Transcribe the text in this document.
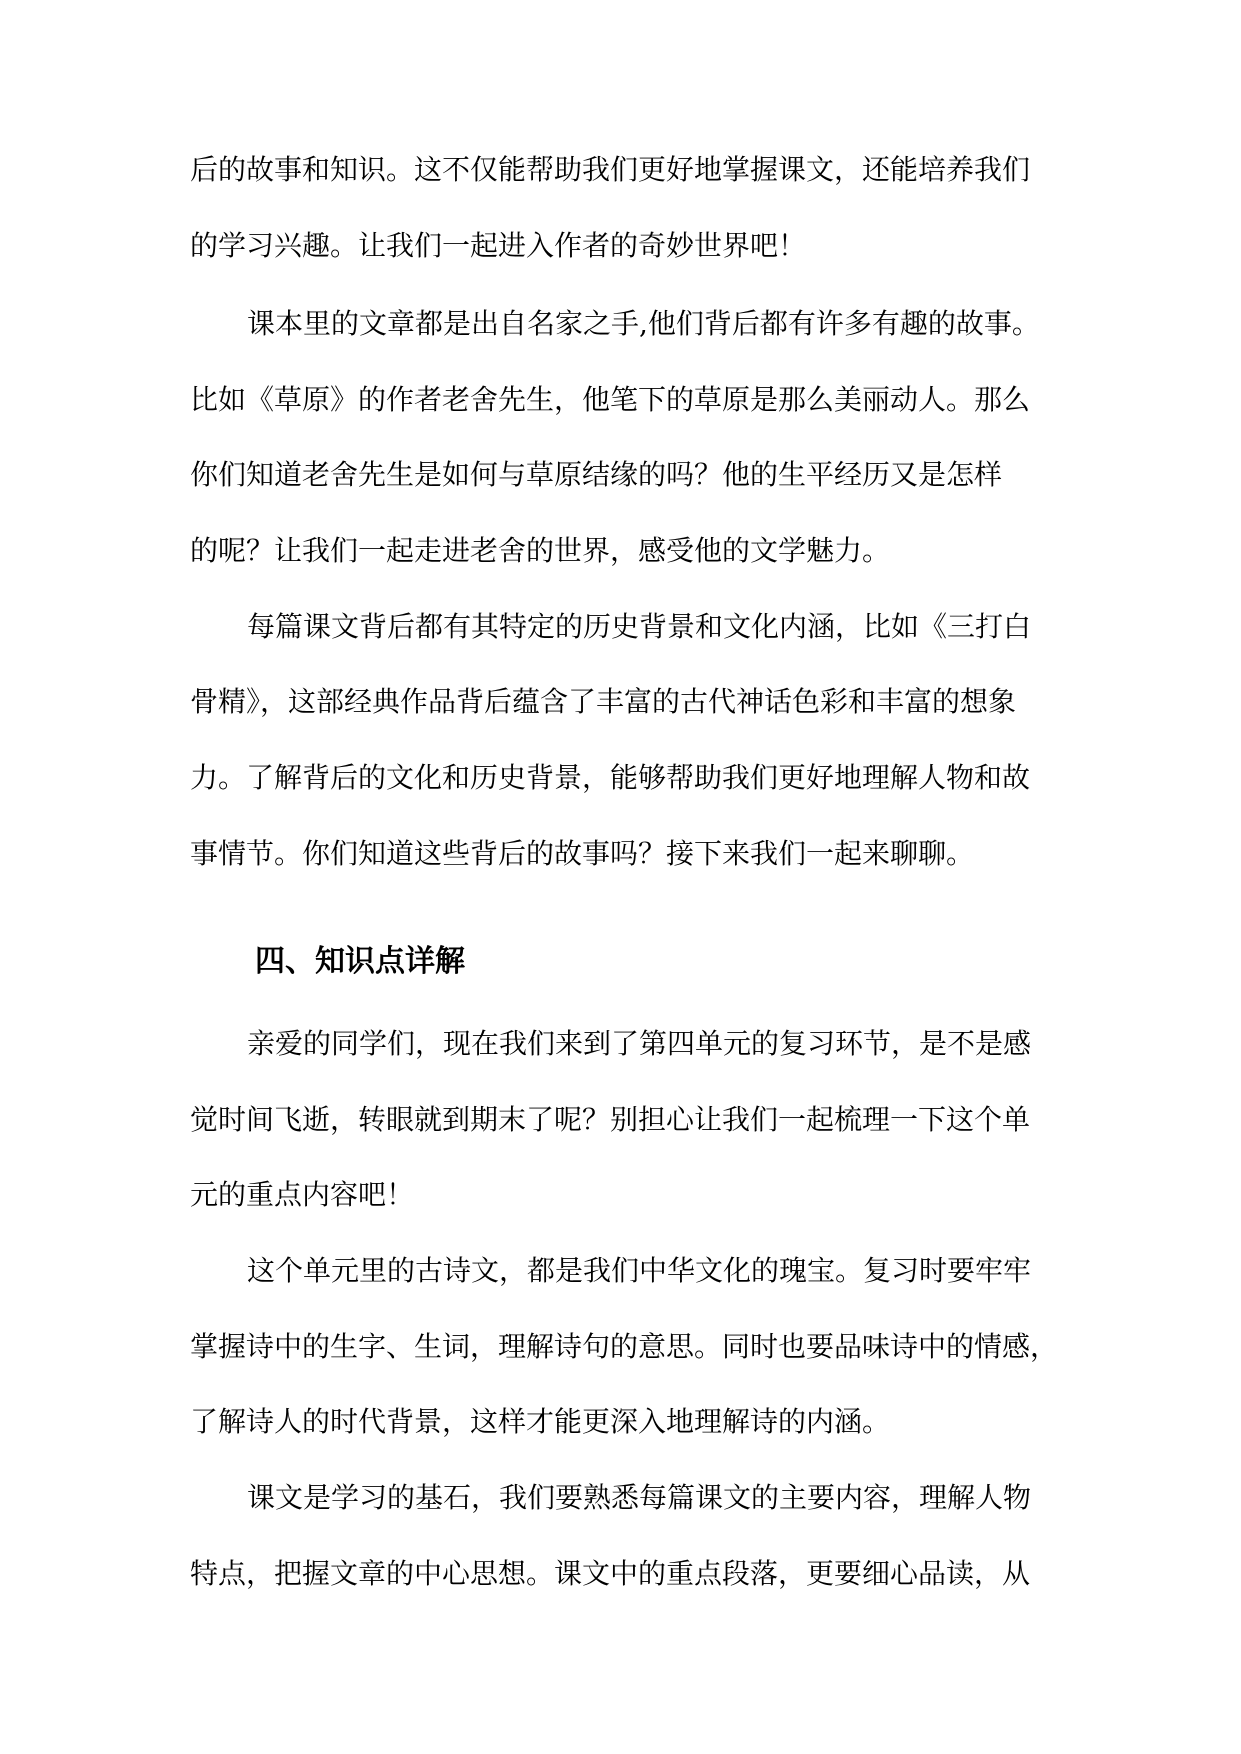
后的故事和知识。这不仅能帮助我们更好地掌握课文，还能培养我们
的学习兴趣。让我们一起进入作者的奇妙世界吧！
课本里的文章都是出自名家之手,他们背后都有许多有趣的故事。
比如《草原》的作者老舍先生，他笔下的草原是那么美丽动人。那么
你们知道老舍先生是如何与草原结缘的吗？他的生平经历又是怎样
的呢？让我们一起走进老舍的世界，感受他的文学魅力。
每篇课文背后都有其特定的历史背景和文化内涵，比如《三打白
骨精》，这部经典作品背后蕴含了丰富的古代神话色彩和丰富的想象
力。了解背后的文化和历史背景，能够帮助我们更好地理解人物和故
事情节。你们知道这些背后的故事吗？接下来我们一起来聊聊。
四、知识点详解
亲爱的同学们，现在我们来到了第四单元的复习环节，是不是感
觉时间飞逝，转眼就到期末了呢？别担心让我们一起梳理一下这个单
元的重点内容吧！
这个单元里的古诗文，都是我们中华文化的瑰宝。复习时要牢牢
掌握诗中的生字、生词，理解诗句的意思。同时也要品味诗中的情感，
了解诗人的时代背景，这样才能更深入地理解诗的内涵。
课文是学习的基石，我们要熟悉每篇课文的主要内容，理解人物
特点，把握文章的中心思想。课文中的重点段落，更要细心品读，从
